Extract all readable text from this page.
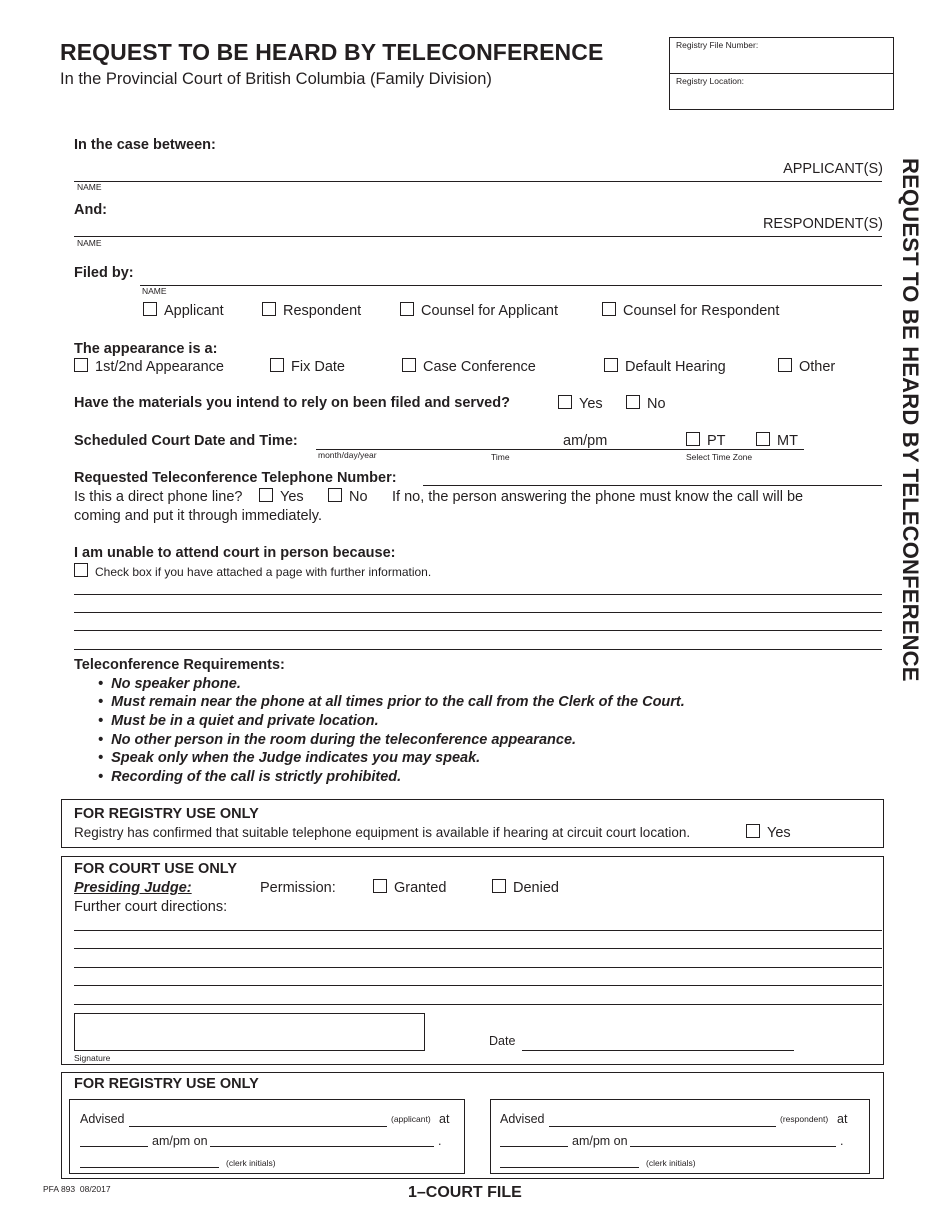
REQUEST TO BE HEARD BY TELECONFERENCE
In the Provincial Court of British Columbia (Family Division)
Registry File Number:
Registry Location:
REQUEST TO BE HEARD BY TELECONFERENCE
In the case between:
APPLICANT(S)
NAME
And:
RESPONDENT(S)
NAME
Filed by:
NAME
Applicant	Respondent	Counsel for Applicant	Counsel for Respondent
The appearance is a:
1st/2nd Appearance	Fix Date	Case Conference	Default Hearing	Other
Have the materials you intend to rely on been filed and served?	Yes	No
Scheduled Court Date and Time:
month/day/year
am/pm
Time
PT	MT
Select Time Zone
Requested Teleconference Telephone Number:
Is this a direct phone line?	Yes	No If no, the person answering the phone must know the call will be
coming and put it through immediately.
I am unable to attend court in person because:
Check box if you have attached a page with further information.
Teleconference Requirements:
•  No speaker phone.
•  Must remain near the phone at all times prior to the call from the Clerk of the Court.
•  Must be in a quiet and private location.
•  No other person in the room during the teleconference appearance.
•  Speak only when the Judge indicates you may speak.
•  Recording of the call is strictly prohibited.
FOR REGISTRY USE ONLY
Registry has confirmed that suitable telephone equipment is available if hearing at circuit court location.	Yes
FOR COURT USE ONLY
Presiding Judge:	Permission:	Granted	Denied
Further court directions:
Signature
Date
FOR REGISTRY USE ONLY
Advised	(applicant) at
am/pm on	.
(clerk initials)
Advised	(respondent) at
am/pm on	.
(clerk initials)
PFA 893  08/2017	1–COURT FILE
